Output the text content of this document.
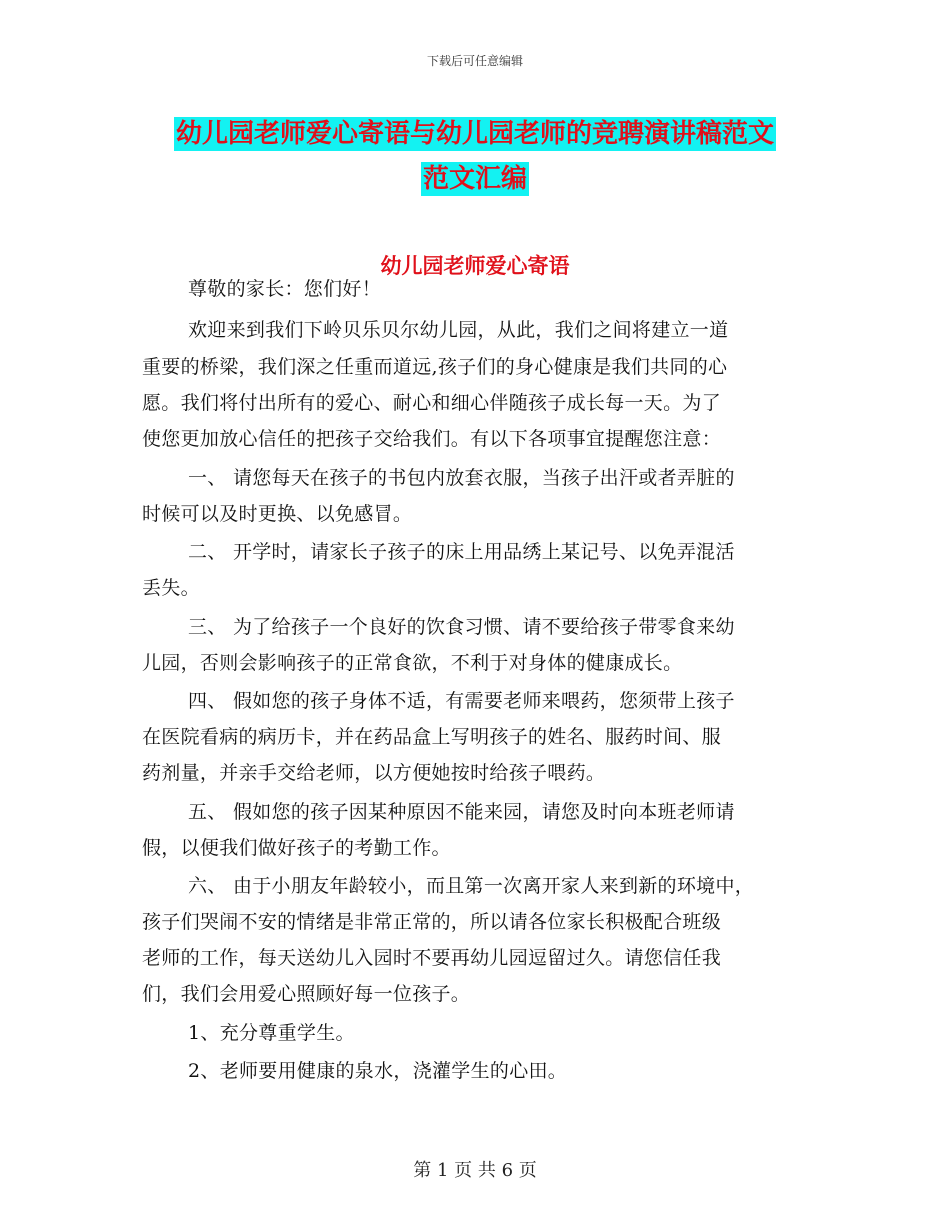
下载后可任意编辑
幼儿园老师爱心寄语与幼儿园老师的竞聘演讲稿范文
范文汇编
幼儿园老师爱心寄语
尊敬的家长：您们好！
欢迎来到我们下岭贝乐贝尔幼儿园，从此，我们之间将建立一道
重要的桥梁，我们深之任重而道远,孩子们的身心健康是我们共同的心
愿。我们将付出所有的爱心、耐心和细心伴随孩子成长每一天。为了
使您更加放心信任的把孩子交给我们。有以下各项事宜提醒您注意：
一、 请您每天在孩子的书包内放套衣服，当孩子出汗或者弄脏的
时候可以及时更换、以免感冒。
二、 开学时，请家长子孩子的床上用品绣上某记号、以免弄混活
丢失。
三、 为了给孩子一个良好的饮食习惯、请不要给孩子带零食来幼
儿园，否则会影响孩子的正常食欲，不利于对身体的健康成长。
四、 假如您的孩子身体不适，有需要老师来喂药，您须带上孩子
在医院看病的病历卡，并在药品盒上写明孩子的姓名、服药时间、服
药剂量，并亲手交给老师，以方便她按时给孩子喂药。
五、 假如您的孩子因某种原因不能来园，请您及时向本班老师请
假，以便我们做好孩子的考勤工作。
六、 由于小朋友年龄较小，而且第一次离开家人来到新的环境中，
孩子们哭闹不安的情绪是非常正常的，所以请各位家长积极配合班级
老师的工作，每天送幼儿入园时不要再幼儿园逗留过久。请您信任我
们，我们会用爱心照顾好每一位孩子。
1、充分尊重学生。
2、老师要用健康的泉水，浇灌学生的心田。
第 1 页 共 6 页
